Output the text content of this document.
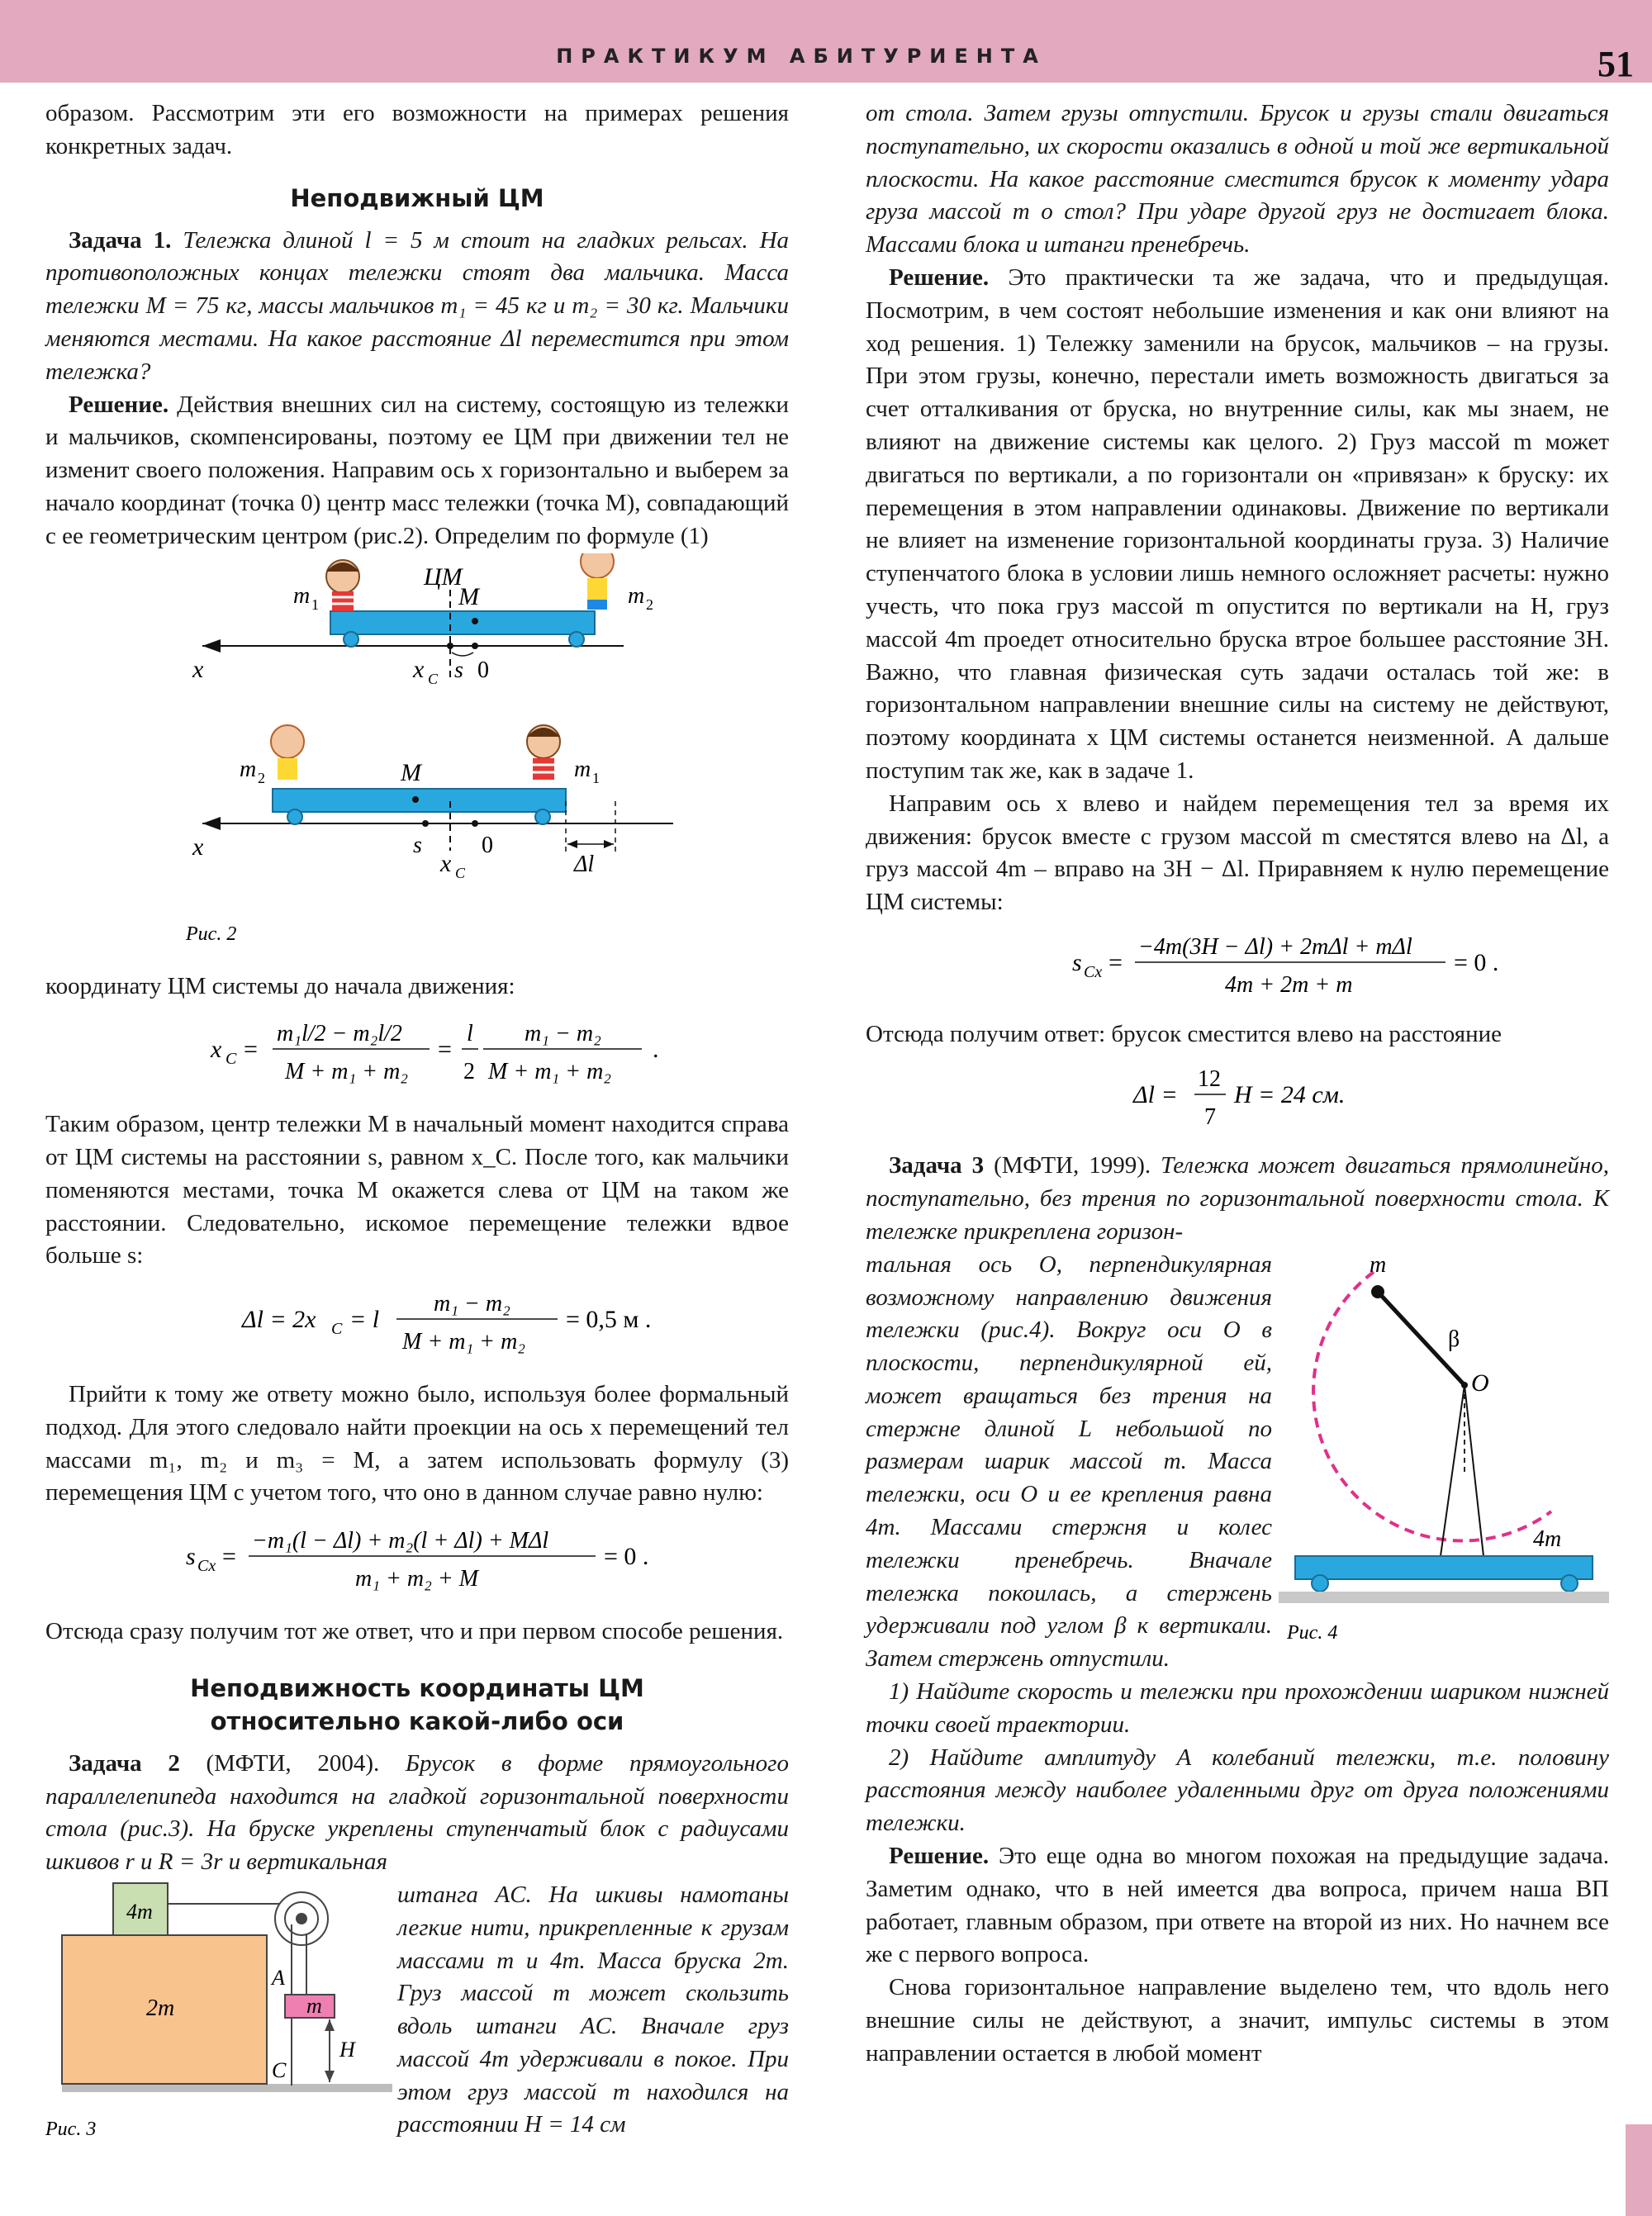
ПРАКТИКУМ АБИТУРИЕНТА	51

образом. Рассмотрим эти его возможности на примерах решения конкретных задач.

Неподвижный ЦМ

Задача 1. Тележка длиной l = 5 м стоит на гладких рельсах. На противоположных концах тележки стоят два мальчика. Масса тележки M = 75 кг, массы мальчиков m₁ = 45 кг и m₂ = 30 кг. Мальчики меняются местами. На какое расстояние Δl переместится при этом тележка?

Решение. Действия внешних сил на систему, состоящую из тележки и мальчиков, скомпенсированы, поэтому ее ЦМ при движении тел не изменит своего положения. Направим ось x горизонтально и выберем за начало координат (точка 0) центр масс тележки (точка M), совпадающий с ее геометрическим центром (рис.2). Определим по формуле (1)

ЦМ
M
m 1	m 2
x	x C s 0
M
m 2	m 1
x	s
x C
0
Δl
Рис. 2

координату ЦМ системы до начала движения:

x C =
m₁l/2 − m₂l/2
M + m₁ + m₂
=
l
2
m₁ − m₂
M + m₁ + m₂
.

Таким образом, центр тележки M в начальный момент находится справа от ЦМ системы на расстоянии s, равном x_C. После того, как мальчики поменяются местами, точка M окажется слева от ЦМ на таком же расстоянии. Следовательно, искомое перемещение тележки вдвое больше s:

Δl = 2x C = l
m₁ − m₂
M + m₁ + m₂
= 0,5 м .

Прийти к тому же ответу можно было, используя более формальный подход. Для этого следовало найти проекции на ось x перемещений тел массами m₁, m₂ и m₃ = M, а затем использовать формулу (3) перемещения ЦМ с учетом того, что оно в данном случае равно нулю:

s Cx =
−m₁(l − Δl) + m₂(l + Δl) + MΔl
m₁ + m₂ + M
= 0 .

Отсюда сразу получим тот же ответ, что и при первом способе решения.

Неподвижность координаты ЦМ
относительно какой-либо оси

Задача 2 (МФТИ, 2004). Брусок в форме прямоугольного параллелепипеда находится на гладкой горизонтальной поверхности стола (рис.3). На бруске укреплены ступенчатый блок с радиусами шкивов r и R = 3r и вертикальная

4m
2m	m
A
C
H
Рис. 3

штанга AC. На шкивы намотаны легкие нити, прикрепленные к грузам массами m и 4m. Масса бруска 2m. Груз массой m может скользить вдоль штанги AC. Вначале груз массой 4m удерживали в покое. При этом груз массой m находился на расстоянии H = 14 см

от стола. Затем грузы отпустили. Брусок и грузы стали двигаться поступательно, их скорости оказались в одной и той же вертикальной плоскости. На какое расстояние сместится брусок к моменту удара груза массой m о стол? При ударе другой груз не достигает блока. Массами блока и штанги пренебречь.

Решение. Это практически та же задача, что и предыдущая. Посмотрим, в чем состоят небольшие изменения и как они влияют на ход решения. 1) Тележку заменили на брусок, мальчиков – на грузы. При этом грузы, конечно, перестали иметь возможность двигаться за счет отталкивания от бруска, но внутренние силы, как мы знаем, не влияют на движение системы как целого. 2) Груз массой m может двигаться по вертикали, а по горизонтали он «привязан» к бруску: их перемещения в этом направлении одинаковы. Движение по вертикали не влияет на изменение горизонтальной координаты груза. 3) Наличие ступенчатого блока в условии лишь немного осложняет расчеты: нужно учесть, что пока груз массой m опустится по вертикали на H, груз массой 4m проедет относительно бруска втрое большее расстояние 3H. Важно, что главная физическая суть задачи осталась той же: в горизонтальном направлении внешние силы на систему не действуют, поэтому координата x ЦМ системы останется неизменной. А дальше поступим так же, как в задаче 1.

Направим ось x влево и найдем перемещения тел за время их движения: брусок вместе с грузом массой m сместятся влево на Δl, а груз массой 4m – вправо на 3H − Δl. Приравняем к нулю перемещение ЦМ системы:

s Cx =
−4m(3H − Δl) + 2mΔl + mΔl
4m + 2m + m
= 0 .

Отсюда получим ответ: брусок сместится влево на расстояние

Δl =
12
7
H = 24 см.

Задача 3 (МФТИ, 1999). Тележка может двигаться прямолинейно, поступательно, без трения по горизонтальной поверхности стола. К тележке прикреплена горизон-

m
β
O
4m
Рис. 4

тальная ось O, перпендикулярная возможному направлению движения тележки (рис.4). Вокруг оси O в плоскости, перпендикулярной ей, может вращаться без трения на стержне длиной L небольшой по размерам шарик массой m. Масса тележки, оси O и ее крепления равна 4m. Массами стержня и колес тележки пренебречь. Вначале тележка покоилась, а стержень удерживали под углом β к вертикали. Затем стержень отпустили.

1) Найдите скорость u тележки при прохождении шариком нижней точки своей траектории.

2) Найдите амплитуду A колебаний тележки, т.е. половину расстояния между наиболее удаленными друг от друга положениями тележки.

Решение. Это еще одна во многом похожая на предыдущие задача. Заметим однако, что в ней имеется два вопроса, причем наша ВП работает, главным образом, при ответе на второй из них. Но начнем все же с первого вопроса.

Снова горизонтальное направление выделено тем, что вдоль него внешние силы не действуют, а значит, импульс системы в этом направлении остается в любой момент
